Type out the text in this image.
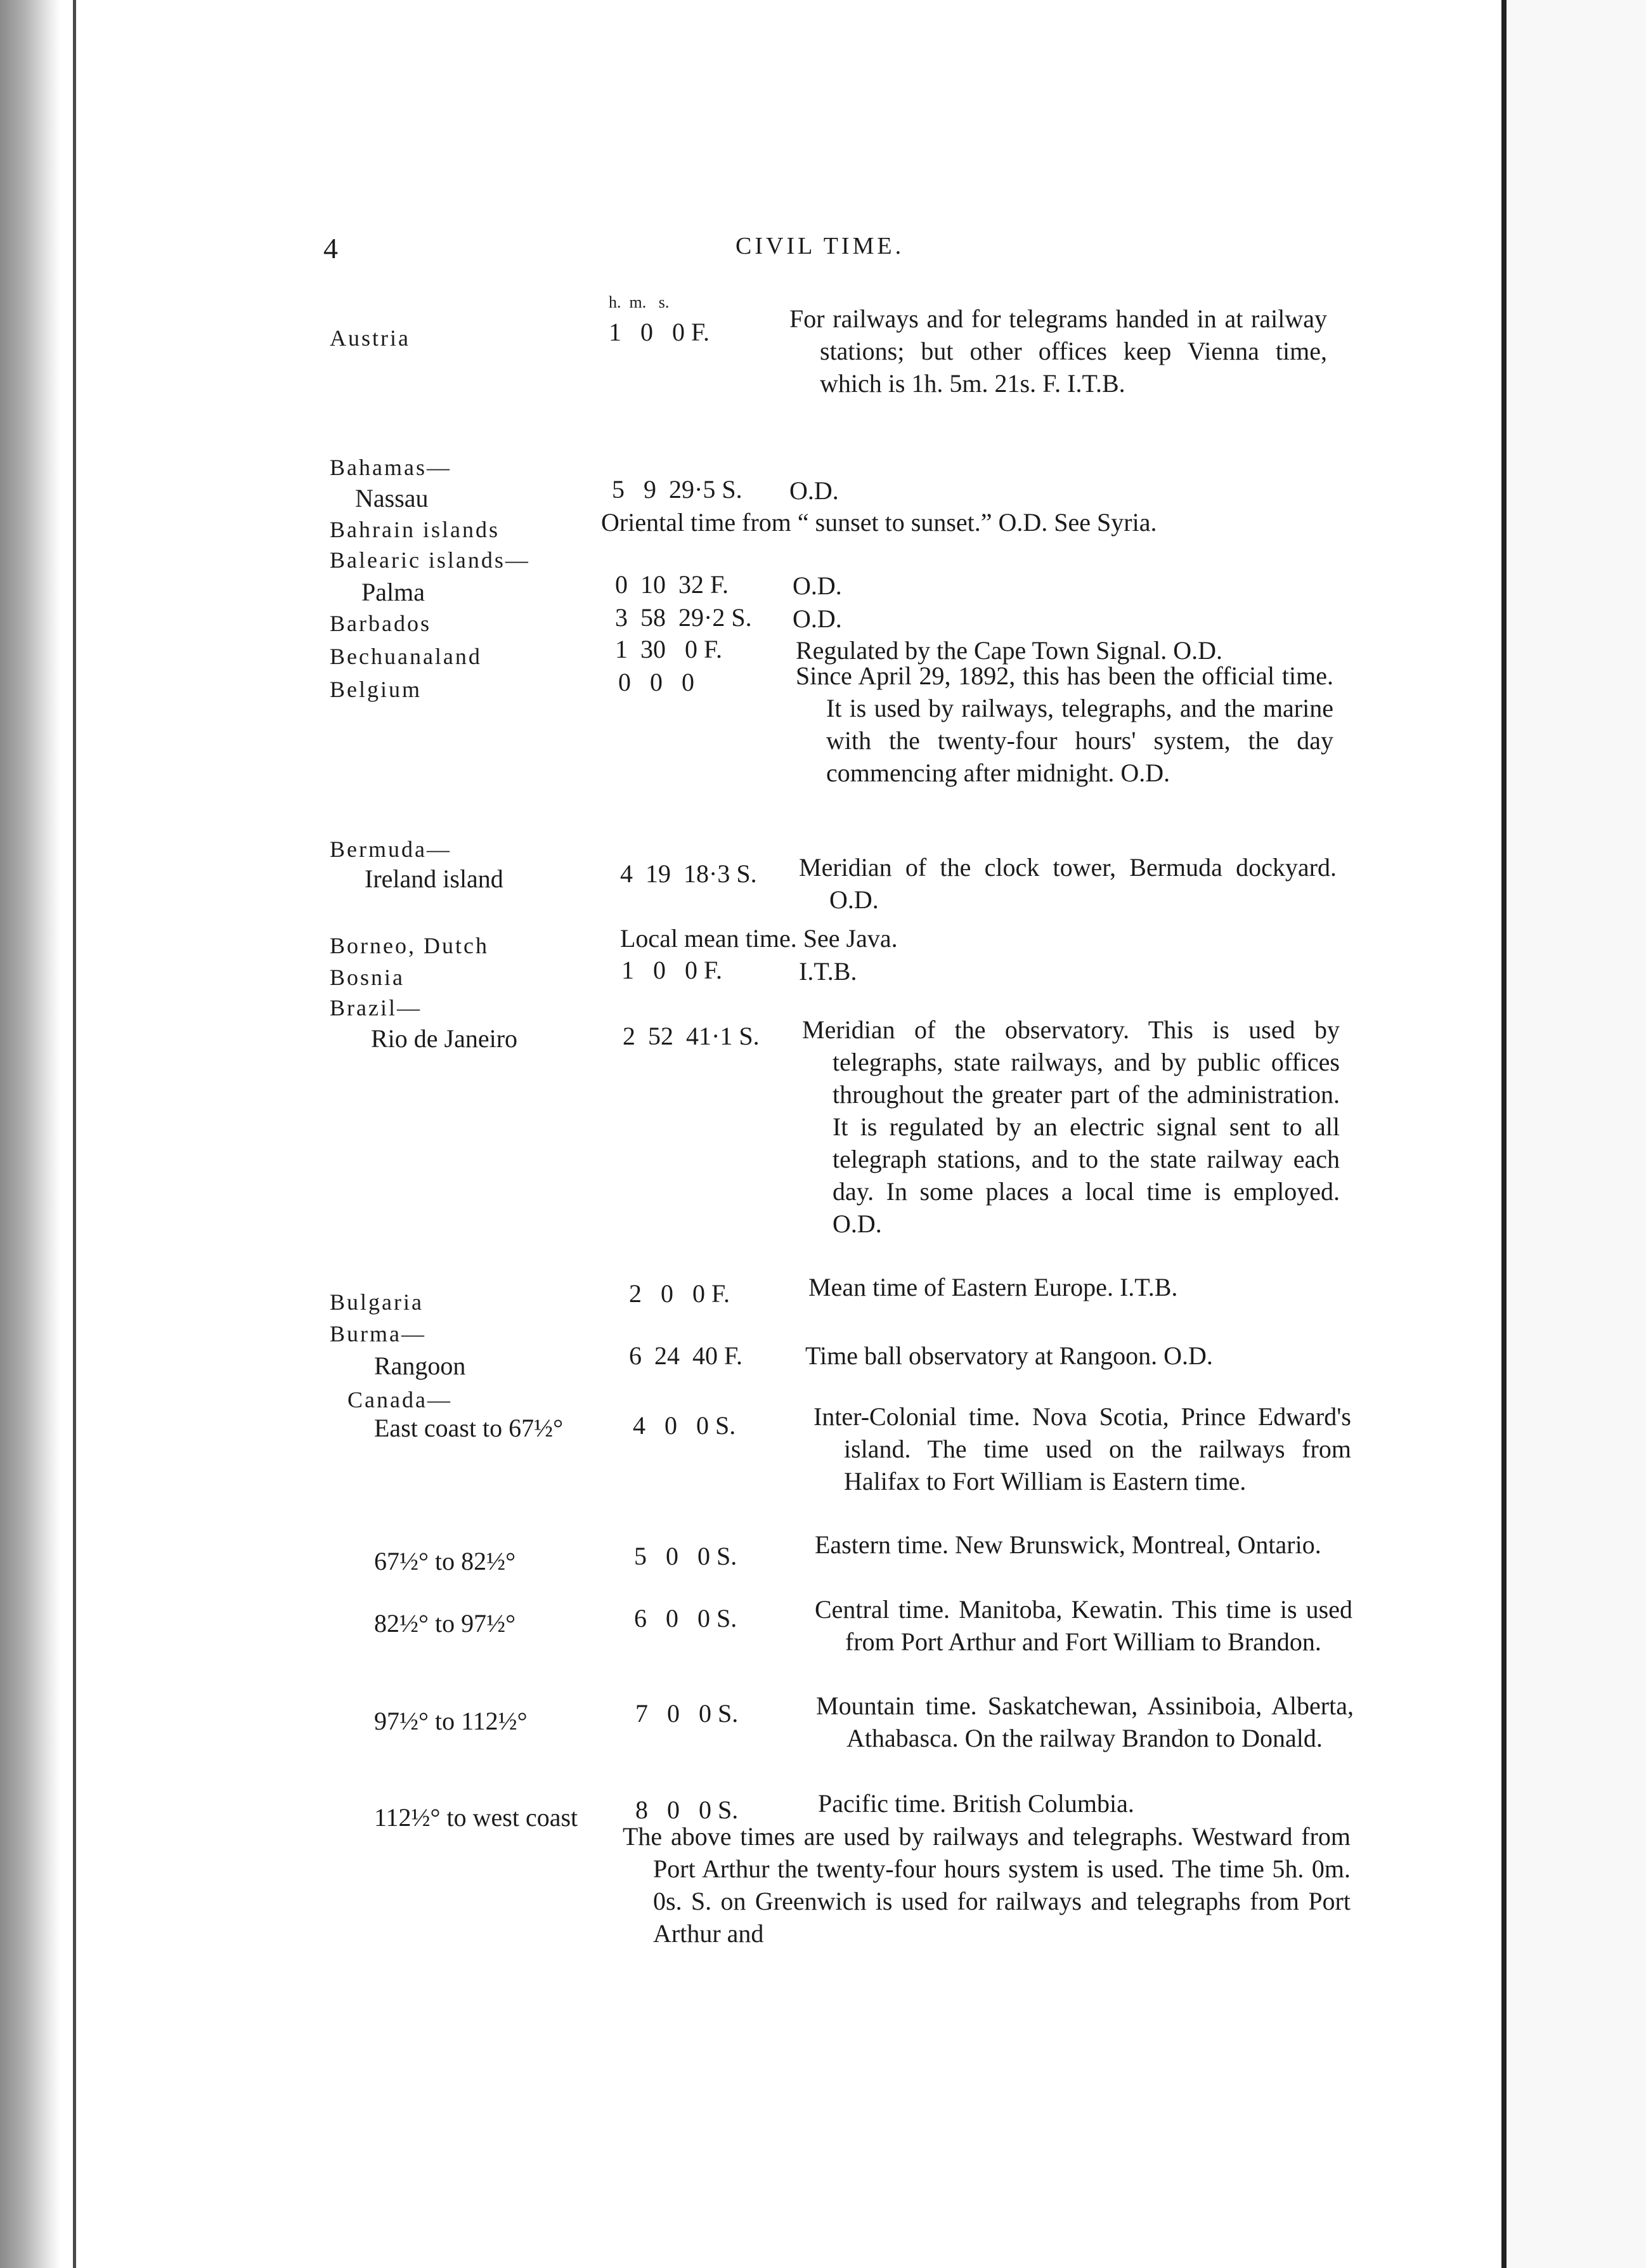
4	CIVIL TIME.
h.  m.   s.
Austria	1   0   0 F.	For railways and for telegrams handed in at railway stations; but other offices keep Vienna time, which is 1h. 5m. 21s. F. I.T.B.
Bahamas—
Nassau	5   9  29·5 S. O.D.
Bahrain islands	Oriental time from “ sunset to sunset.” O.D. See Syria.
Balearic islands—
Palma	0  10  32 F.	O.D.
Barbados	3  58  29·2 S. O.D.
Bechuanaland	1  30   0 F.	Regulated by the Cape Town Signal. O.D.
Belgium	0   0   0	Since April 29, 1892, this has been the official time. It is used by railways, telegraphs, and the marine with the twenty-four hours' system, the day commencing after midnight. O.D.
Bermuda—
Ireland island	4  19  18·3 S. Meridian of the clock tower, Bermuda dockyard. O.D.
Borneo, Dutch	Local mean time. See Java.
Bosnia	1   0   0 F.	I.T.B.
Brazil—
Rio de Janeiro	2  52  41·1 S. Meridian of the observatory. This is used by telegraphs, state railways, and by public offices throughout the greater part of the administration. It is regulated by an electric signal sent to all telegraph stations, and to the state railway each day. In some places a local time is employed. O.D.
Bulgaria	2   0   0 F.	Mean time of Eastern Europe. I.T.B.
Burma—
Rangoon	6  24  40 F. Time ball observatory at Rangoon. O.D.
Canada—
East coast to 67½°	4   0   0 S.	Inter-Colonial time. Nova Scotia, Prince Edward's island. The time used on the railways from Halifax to Fort William is Eastern time.
67½° to 82½°	5   0   0 S.	Eastern time. New Brunswick, Montreal, Ontario.
82½° to 97½°	6   0   0 S.	Central time. Manitoba, Kewatin. This time is used from Port Arthur and Fort William to Brandon.
97½° to 112½°	7   0   0 S.	Mountain time. Saskatchewan, Assiniboia, Alberta, Athabasca. On the railway Brandon to Donald.
112½° to west coast 8   0   0 S.	Pacific time. British Columbia.
The above times are used by railways and telegraphs. Westward from Port Arthur the twenty-four hours system is used. The time 5h. 0m. 0s. S. on Greenwich is used for railways and telegraphs from Port Arthur and
